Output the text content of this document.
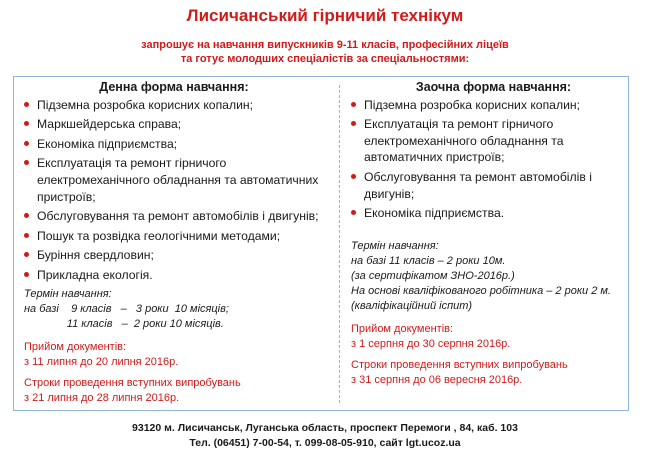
Лисичанський гірничий технікум
запрошує на навчання випускників 9-11 класів, професійних ліцеїв
та готує молодших спеціалістів за спеціальностями:
Денна форма навчання:
Підземна розробка корисних копалин;
Маркшейдерська справа;
Економіка підприємства;
Експлуатація та ремонт гірничого електромеханічного обладнання та автоматичних пристроїв;
Обслуговування та ремонт автомобілів і двигунів;
Пошук та розвідка геологічними методами;
Буріння свердловин;
Прикладна екологія.
Термін навчання:
на базі    9 класів   –   3 роки  10 місяців;
11 класів   –  2 роки 10 місяців.
Прийом документів:
з 11 липня до 20 липня 2016р.
Строки проведення вступних випробувань
з 21 липня до 28 липня 2016р.
Заочна форма навчання:
Підземна розробка корисних копалин;
Експлуатація та ремонт гірничого електромеханічного обладнання та автоматичних пристроїв;
Обслуговування та ремонт автомобілів і двигунів;
Економіка підприємства.
Термін навчання:
на базі 11 класів – 2 роки 10м.
(за сертифікатом ЗНО-2016р.)
На основі кваліфікованого робітника – 2 роки 2 м.
(кваліфікаційний іспит)
Прийом документів:
з 1 серпня до 30 серпня 2016р.
Строки проведення вступних випробувань
з 31 серпня до 06 вересня 2016р.
93120 м. Лисичанськ, Луганська область, проспект Перемоги , 84, каб. 103
Тел. (06451) 7-00-54, т. 099-08-05-910, сайт lgt.ucoz.ua
